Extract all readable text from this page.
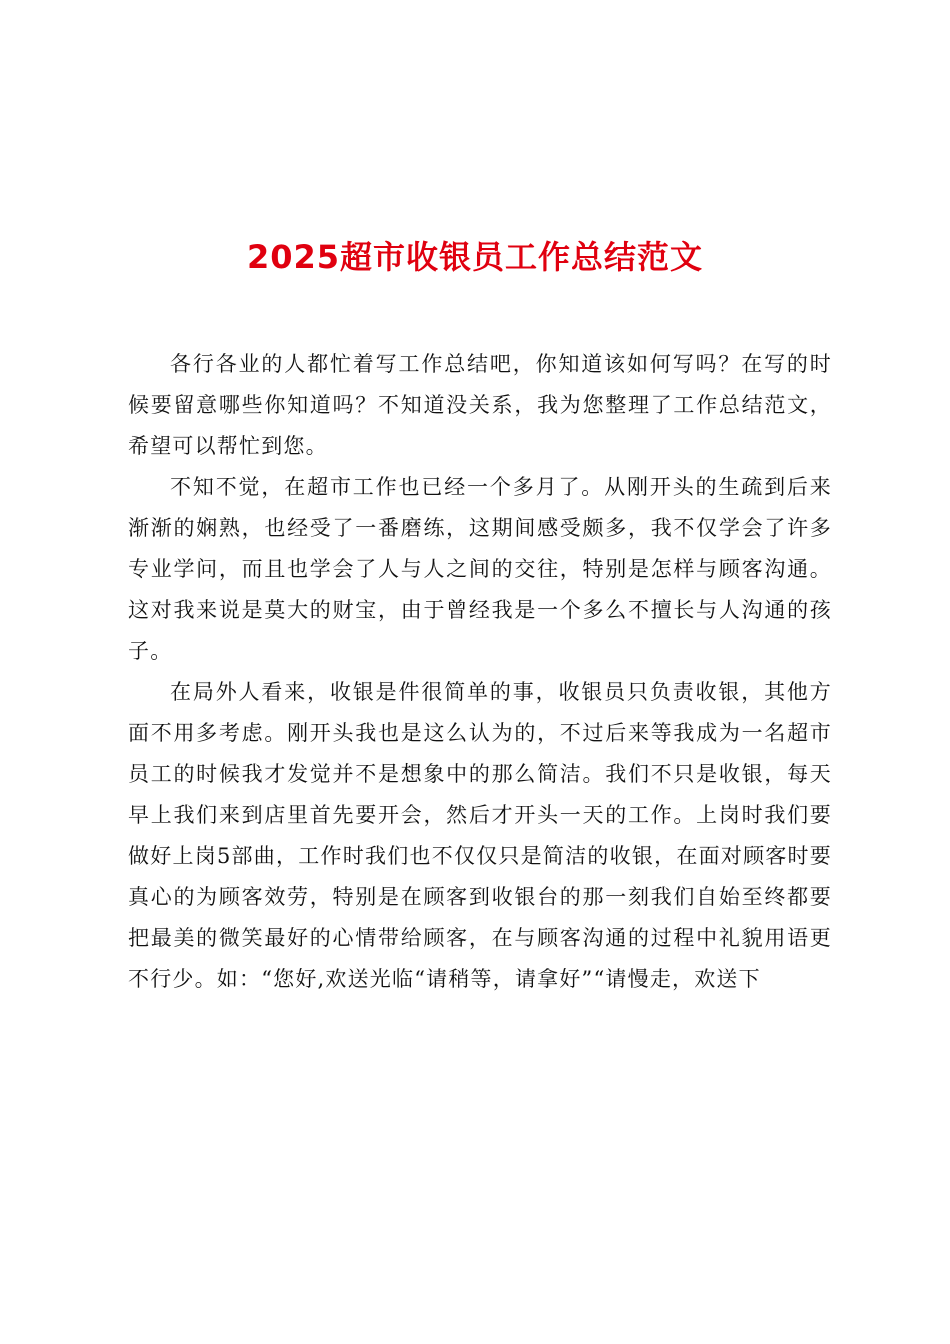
2025超市收银员工作总结范文

各行各业的人都忙着写工作总结吧，你知道该如何写吗？在写的时候要留意哪些你知道吗？不知道没关系，我为您整理了工作总结范文，希望可以帮忙到您。

不知不觉，在超市工作也已经一个多月了。从刚开头的生疏到后来渐渐的娴熟，也经受了一番磨练，这期间感受颇多，我不仅学会了许多专业学问，而且也学会了人与人之间的交往，特别是怎样与顾客沟通。这对我来说是莫大的财宝，由于曾经我是一个多么不擅长与人沟通的孩子。

在局外人看来，收银是件很简单的事，收银员只负责收银，其他方面不用多考虑。刚开头我也是这么认为的，不过后来等我成为一名超市员工的时候我才发觉并不是想象中的那么简洁。我们不只是收银，每天早上我们来到店里首先要开会，然后才开头一天的工作。上岗时我们要做好上岗5部曲，工作时我们也不仅仅只是简洁的收银，在面对顾客时要真心的为顾客效劳，特别是在顾客到收银台的那一刻我们自始至终都要把最美的微笑最好的心情带给顾客，在与顾客沟通的过程中礼貌用语更不行少。如：“您好,欢送光临“请稍等，请拿好”“请慢走，欢送下
